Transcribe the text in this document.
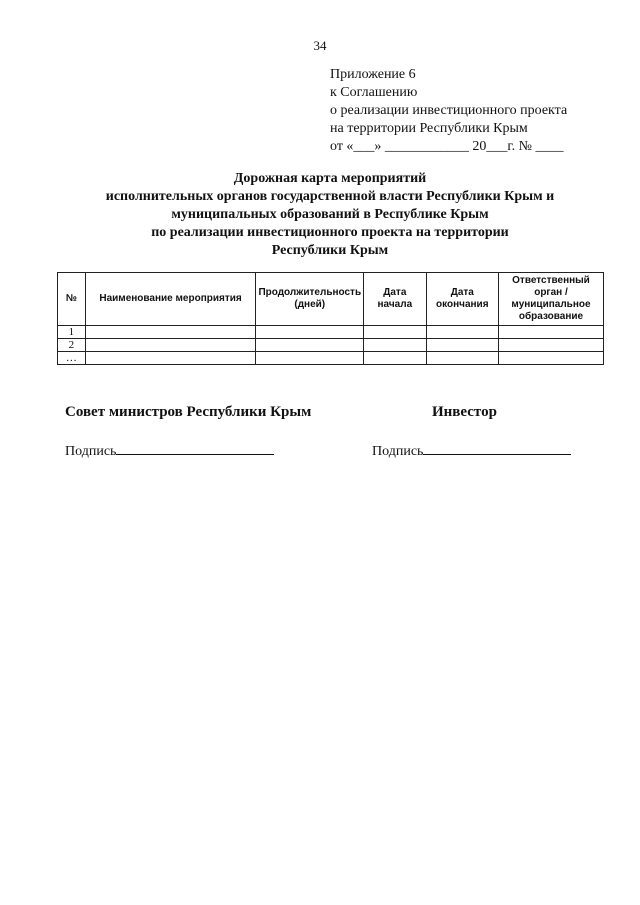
34
Приложение 6
к Соглашению
о реализации инвестиционного проекта
на территории Республики Крым
от «___» ____________ 20___г. № ____
Дорожная карта мероприятий
исполнительных органов государственной власти Республики Крым и
муниципальных образований в Республике Крым
по реализации инвестиционного проекта на территории
Республики Крым
№	Наименование мероприятия	Продолжительность (дней)	Дата начала	Дата окончания	Ответственный орган / муниципальное образование
1					
2					
…					
Совет министров Республики Крым	Инвестор
Подпись	Подпись
